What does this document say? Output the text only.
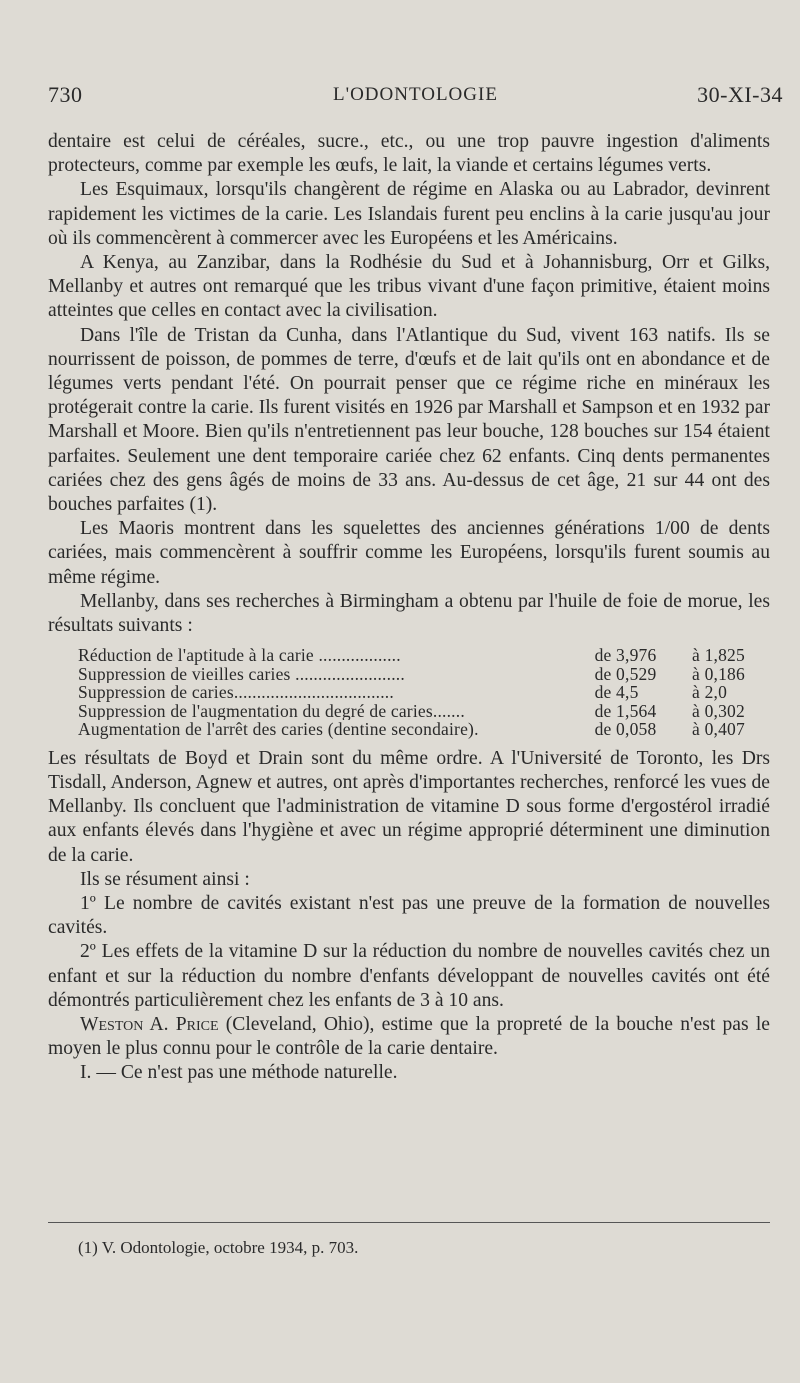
730	L'ODONTOLOGIE	30-XI-34

dentaire est celui de céréales, sucre., etc., ou une trop pauvre ingestion d'aliments protecteurs, comme par exemple les œufs, le lait, la viande et certains légumes verts.

Les Esquimaux, lorsqu'ils changèrent de régime en Alaska ou au Labrador, devinrent rapidement les victimes de la carie. Les Islandais furent peu enclins à la carie jusqu'au jour où ils commencèrent à commercer avec les Européens et les Américains.

A Kenya, au Zanzibar, dans la Rodhésie du Sud et à Johannisburg, Orr et Gilks, Mellanby et autres ont remarqué que les tribus vivant d'une façon primitive, étaient moins atteintes que celles en contact avec la civilisation.

Dans l'île de Tristan da Cunha, dans l'Atlantique du Sud, vivent 163 natifs. Ils se nourrissent de poisson, de pommes de terre, d'œufs et de lait qu'ils ont en abondance et de légumes verts pendant l'été. On pourrait penser que ce régime riche en minéraux les protégerait contre la carie. Ils furent visités en 1926 par Marshall et Sampson et en 1932 par Marshall et Moore. Bien qu'ils n'entretiennent pas leur bouche, 128 bouches sur 154 étaient parfaites. Seulement une dent temporaire cariée chez 62 enfants. Cinq dents permanentes cariées chez des gens âgés de moins de 33 ans. Au-dessus de cet âge, 21 sur 44 ont des bouches parfaites (1).

Les Maoris montrent dans les squelettes des anciennes générations 1/00 de dents cariées, mais commencèrent à souffrir comme les Européens, lorsqu'ils furent soumis au même régime.

Mellanby, dans ses recherches à Birmingham a obtenu par l'huile de foie de morue, les résultats suivants :

Réduction de l'aptitude à la carie ..................	de 3,976	à 1,825
Suppression de vieilles caries ........................	de 0,529	à 0,186
Suppression de caries...................................	de 4,5	à 2,0
Suppression de l'augmentation du degré de caries.......	de 1,564	à 0,302
Augmentation de l'arrêt des caries (dentine secondaire).	de 0,058	à 0,407

Les résultats de Boyd et Drain sont du même ordre. A l'Université de Toronto, les Drs Tisdall, Anderson, Agnew et autres, ont après d'importantes recherches, renforcé les vues de Mellanby. Ils concluent que l'administration de vitamine D sous forme d'ergostérol irradié aux enfants élevés dans l'hygiène et avec un régime approprié déterminent une diminution de la carie.

Ils se résument ainsi :

1º Le nombre de cavités existant n'est pas une preuve de la formation de nouvelles cavités.

2º Les effets de la vitamine D sur la réduction du nombre de nouvelles cavités chez un enfant et sur la réduction du nombre d'enfants développant de nouvelles cavités ont été démontrés particulièrement chez les enfants de 3 à 10 ans.

Weston A. Price (Cleveland, Ohio), estime que la propreté de la bouche n'est pas le moyen le plus connu pour le contrôle de la carie dentaire.

I. — Ce n'est pas une méthode naturelle.

(1) V. Odontologie, octobre 1934, p. 703.
